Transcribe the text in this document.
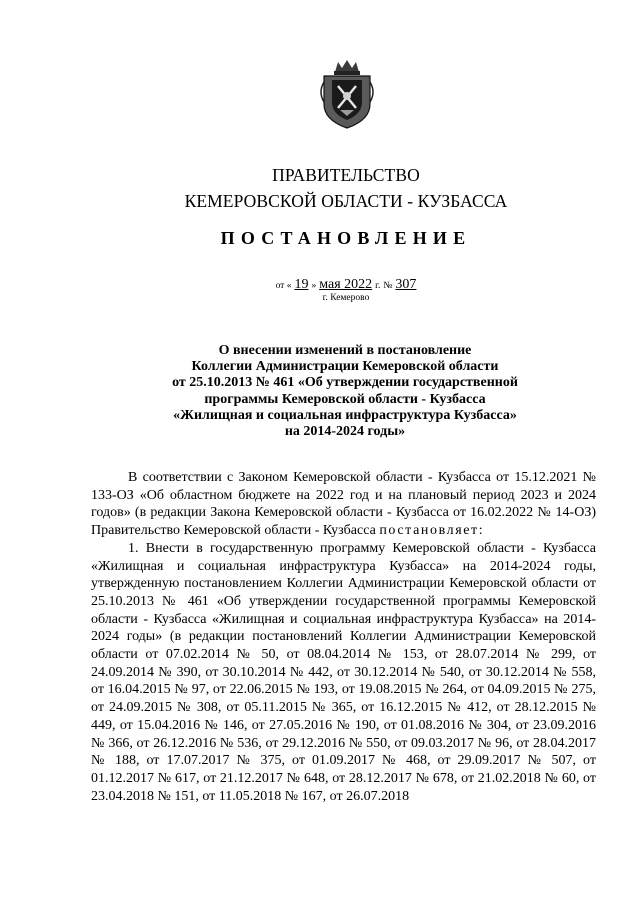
ПРАВИТЕЛЬСТВО
КЕМЕРОВСКОЙ ОБЛАСТИ - КУЗБАССА
ПОСТАНОВЛЕНИЕ
от « 19 » мая 2022 г. № 307
г. Кемерово
О внесении изменений в постановление
Коллегии Администрации Кемеровской области
от 25.10.2013 № 461 «Об утверждении государственной
программы Кемеровской области - Кузбасса
«Жилищная и социальная инфраструктура Кузбасса»
на 2014-2024 годы»

В соответствии с Законом Кемеровской области - Кузбасса от 15.12.2021 № 133-ОЗ «Об областном бюджете на 2022 год и на плановый период 2023 и 2024 годов» (в редакции Закона Кемеровской области - Кузбасса от 16.02.2022 № 14-ОЗ) Правительство Кемеровской области - Кузбасса постановляет:

1. Внести в государственную программу Кемеровской области - Кузбасса «Жилищная и социальная инфраструктура Кузбасса» на 2014-2024 годы, утвержденную постановлением Коллегии Администрации Кемеровской области от 25.10.2013 № 461 «Об утверждении государственной программы Кемеровской области - Кузбасса «Жилищная и социальная инфраструктура Кузбасса» на 2014-2024 годы» (в редакции постановлений Коллегии Администрации Кемеровской области от 07.02.2014 № 50, от 08.04.2014 № 153, от 28.07.2014 № 299, от 24.09.2014 № 390, от 30.10.2014 № 442, от 30.12.2014 № 540, от 30.12.2014 № 558, от 16.04.2015 № 97, от 22.06.2015 № 193, от 19.08.2015 № 264, от 04.09.2015 № 275, от 24.09.2015 № 308, от 05.11.2015 № 365, от 16.12.2015 № 412, от 28.12.2015 № 449, от 15.04.2016 № 146, от 27.05.2016 № 190, от 01.08.2016 № 304, от 23.09.2016 № 366, от 26.12.2016 № 536, от 29.12.2016 № 550, от 09.03.2017 № 96, от 28.04.2017 № 188, от 17.07.2017 № 375, от 01.09.2017 № 468, от 29.09.2017 № 507, от 01.12.2017 № 617, от 21.12.2017 № 648, от 28.12.2017 № 678, от 21.02.2018 № 60, от 23.04.2018 № 151, от 11.05.2018 № 167, от 26.07.2018
